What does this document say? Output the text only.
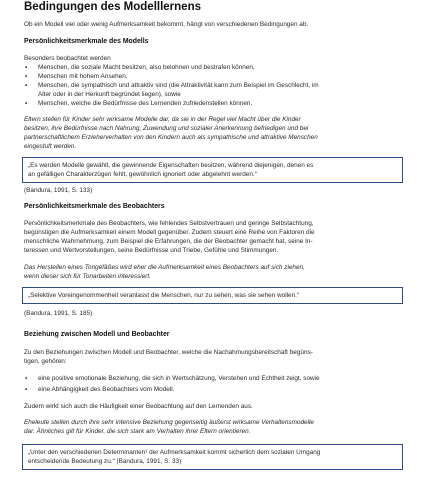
Bedingungen des Modelllernens
Ob ein Modell viel oder wenig Aufmerksamkeit bekommt, hängt von verschiedenen Bedingungen ab.
Persönlichkeitsmerkmale des Modells
Besonders beobachtet werden
▪ Menschen, die soziale Macht besitzen, also belohnen und bestrafen können,
▪ Menschen mit hohem Ansehen,
▪ Menschen, die sympathisch und attraktiv sind (die Attraktivität kann zum Beispiel im Geschlecht, im
Alter oder in der Herkunft begründet liegen), sowie
▪ Menschen, welche die Bedürfnisse des Lernenden zufriedenstellen können.
Eltern stellen für Kinder sehr wirksame Modelle dar, da sie in der Regel viel Macht über die Kinder
besitzen, ihre Bedürfnisse nach Nahrung, Zuwendung und sozialer Anerkennung befriedigen und bei
partnerschaftlichem Erzieherverhalten von den Kindern auch als sympathische und attraktive Menschen
eingestuft werden.
„Es werden Modelle gewählt, die gewinnende Eigenschaften besitzen, während diejenigen, denen es
an gefälligen Charakterzügen fehlt, gewöhnlich ignoriert oder abgelehnt werden.“
(Bandura, 1991, S. 133)
Persönlichkeitsmerkmale des Beobachters
Persönlichkeitsmerkmale des Beobachters, wie fehlendes Selbstvertrauen und geringe Selbstachtung,
begünstigen die Aufmerksamkeit einem Modell gegenüber. Zudem steuert eine Reihe von Faktoren die
menschliche Wahrnehmung, zum Beispiel die Erfahrungen, die der Beobachter gemacht hat, seine In-
teressen und Wertvorstellungen, seine Bedürfnisse und Triebe, Gefühle und Stimmungen.
Das Herstellen eines Tongefäßes wird eher die Aufmerksamkeit eines Beobachters auf sich ziehen,
wenn dieser sich für Tonarbeiten interessiert.
„Selektive Voreingenommenheit veranlasst die Menschen, nur zu sehen, was sie sehen wollen.“
(Bandura, 1991, S. 185)
Beziehung zwischen Modell und Beobachter
Zu den Beziehungen zwischen Modell und Beobachter, welche die Nachahmungsbereitschaft begüns-
tigen, gehören:
▪ eine positive emotionale Beziehung, die sich in Wertschätzung, Verstehen und Echtheit zeigt, sowie
▪ eine Abhängigkeit des Beobachters vom Modell.
Zudem wirkt sich auch die Häufigkeit einer Beobachtung auf den Lernenden aus.
Eheleute stellen durch ihre sehr intensive Beziehung gegenseitig äußerst wirksame Verhaltensmodelle
dar. Ähnliches gilt für Kinder, die sich stark am Verhalten ihrer Eltern orientieren.
„Unter den verschiedenen Determinanten¹ der Aufmerksamkeit kommt sicherlich dem sozialen Umgang
entscheidende Bedeutung zu.“ (Bandura, 1991, S. 33)
